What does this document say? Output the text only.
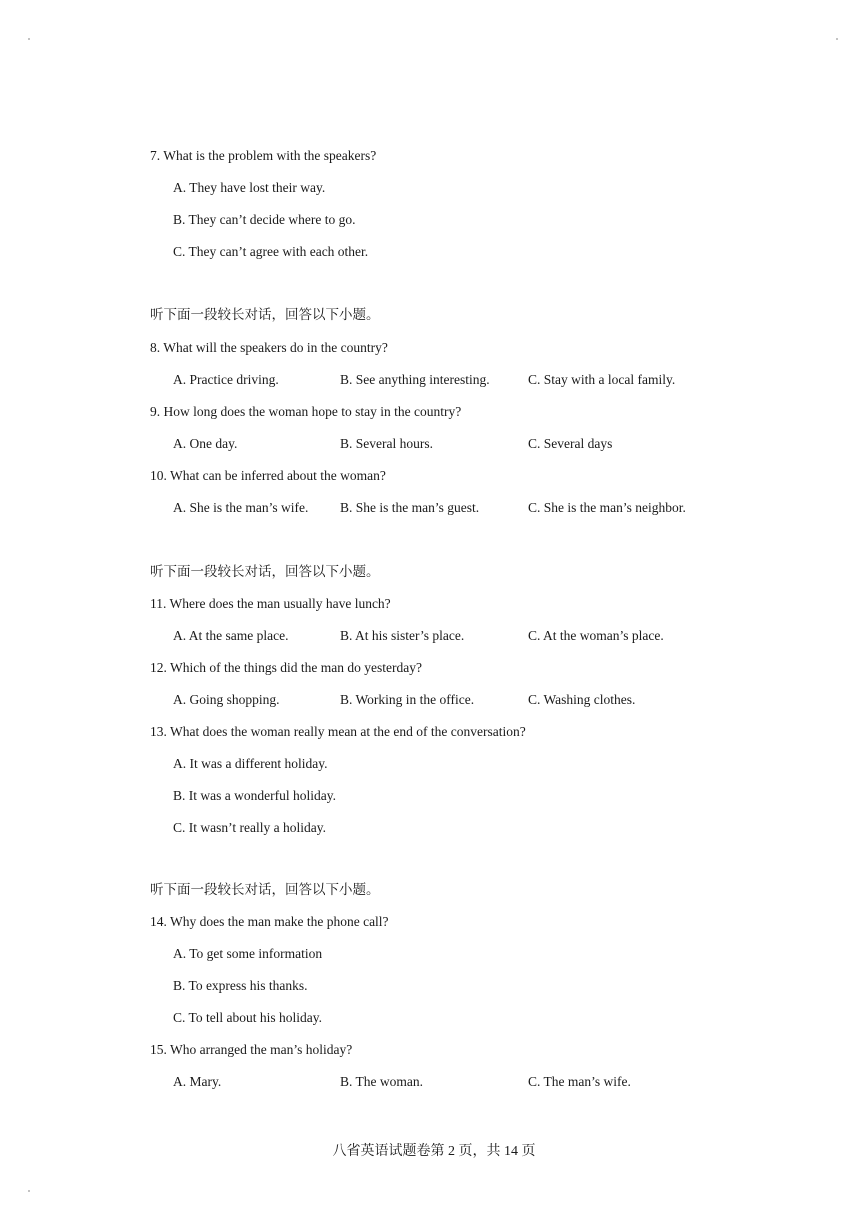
7. What is the problem with the speakers?
A. They have lost their way.
B. They can’t decide where to go.
C. They can’t agree with each other.
听下面一段较长对话，回答以下小题。
8. What will the speakers do in the country?
A. Practice driving.	B. See anything interesting.	C. Stay with a local family.
9. How long does the woman hope to stay in the country?
A. One day.	B. Several hours.	C. Several days
10. What can be inferred about the woman?
A. She is the man’s wife. B. She is the man’s guest.	C. She is the man’s neighbor.
听下面一段较长对话，回答以下小题。
11. Where does the man usually have lunch?
A. At the same place.	B. At his sister’s place.	C. At the woman’s place.
12. Which of the things did the man do yesterday?
A. Going shopping.	B. Working in the office.	C. Washing clothes.
13. What does the woman really mean at the end of the conversation?
A. It was a different holiday.
B. It was a wonderful holiday.
C. It wasn’t really a holiday.
听下面一段较长对话，回答以下小题。
14. Why does the man make the phone call?
A. To get some information
B. To express his thanks.
C. To tell about his holiday.
15. Who arranged the man’s holiday?
A. Mary.	B. The woman.	C. The man’s wife.
八省英语试题卷第 2 页，共 14 页
